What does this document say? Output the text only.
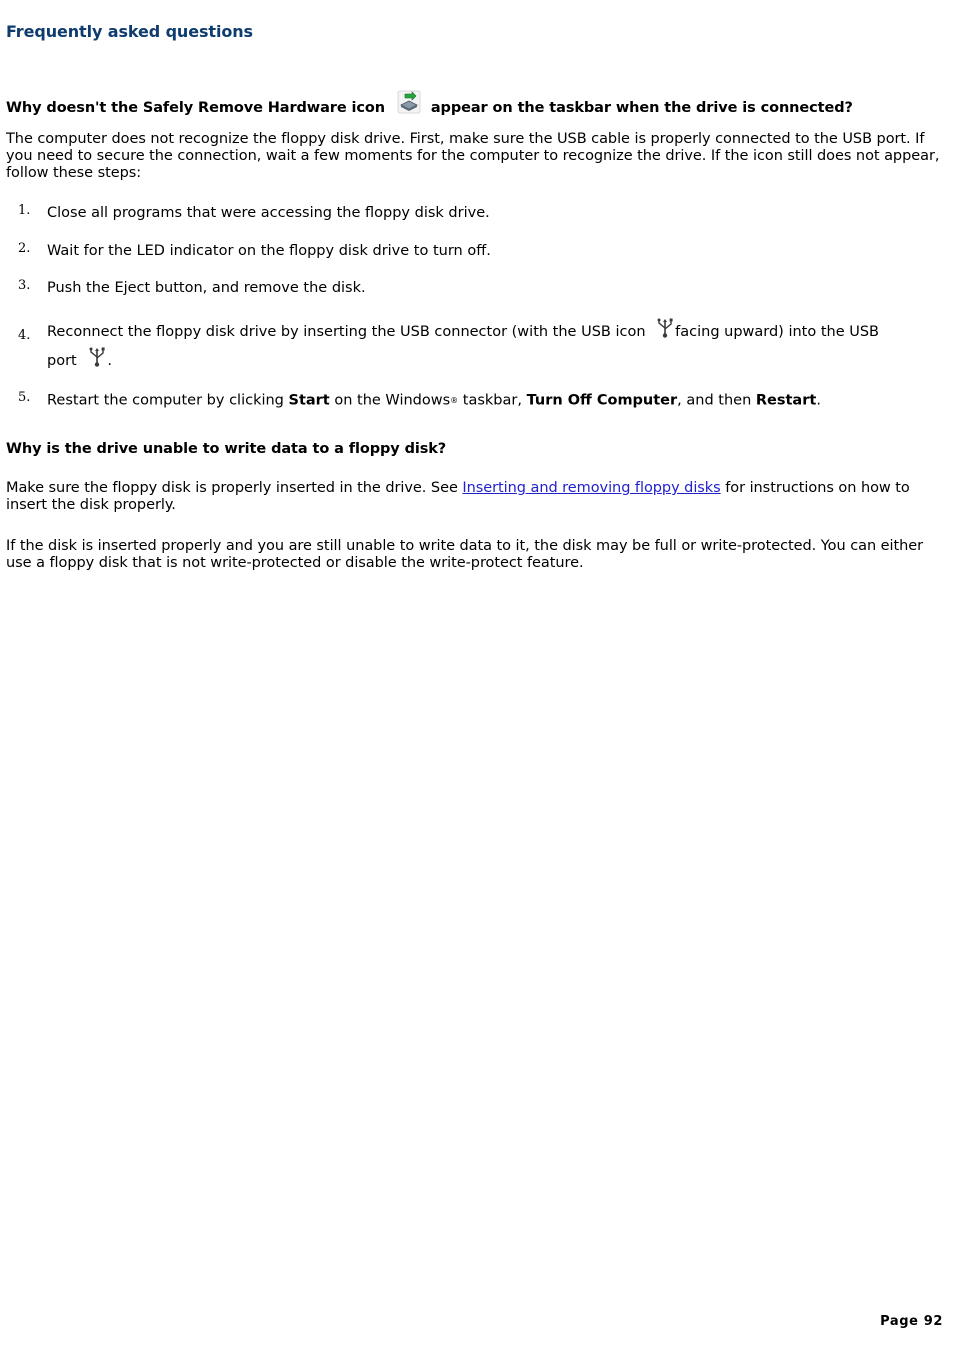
Frequently asked questions

Why doesn't the Safely Remove Hardware icon	appear on the taskbar when the drive is connected?

The computer does not recognize the floppy disk drive. First, make sure the USB cable is properly connected to the USB port. If you need to secure the connection, wait a few moments for the computer to recognize the drive. If the icon still does not appear, follow these steps:

1. Close all programs that were accessing the floppy disk drive.
2. Wait for the LED indicator on the floppy disk drive to turn off.
3. Push the Eject button, and remove the disk.
4. Reconnect the floppy disk drive by inserting the USB connector (with the USB icon facing upward) into the USB
port .
5. Restart the computer by clicking Start on the Windows® taskbar, Turn Off Computer, and then Restart.

Why is the drive unable to write data to a floppy disk?

Make sure the floppy disk is properly inserted in the drive. See Inserting and removing floppy disks for instructions on how to insert the disk properly.

If the disk is inserted properly and you are still unable to write data to it, the disk may be full or write-protected. You can either use a floppy disk that is not write-protected or disable the write-protect feature.

Page 92
